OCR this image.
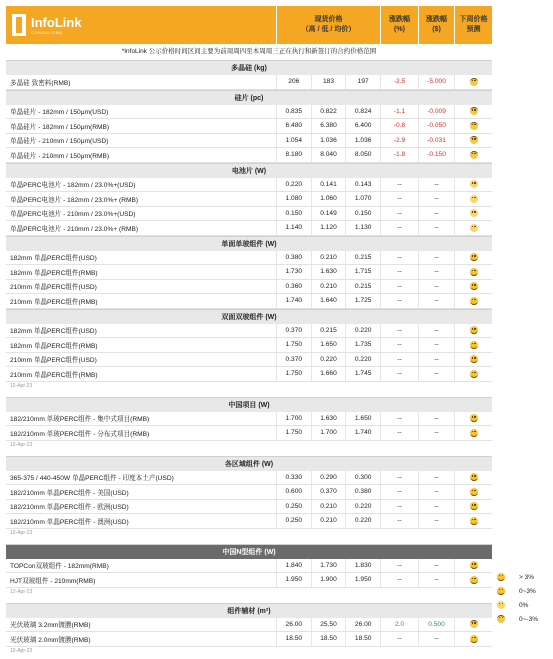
InfoLink
CONSULTING
现货价格
（高 / 低 / 均价）
涨跌幅
(%)
涨跌幅
($)
下周价格
预测
*InfoLink 公示价格时间区间主要为前周周四至本周周三正在执行和新签订的合约价格范围
多晶硅 (kg)
多晶硅 致密料(RMB)	206	183	197	-2.5	-5.000
硅片 (pc)
单晶硅片 - 182mm / 150μm(USD)	0.835	0.822	0.824	-1.1	-0.009
单晶硅片 - 182mm / 150μm(RMB)	6.480	6.380	6.400	-0.8	-0.050
单晶硅片 - 210mm / 150μm(USD)	1.054	1.036	1.036	-2.9	-0.031
单晶硅片 - 210mm / 150μm(RMB)	8.180	8.040	8.050	-1.8	-0.150
电池片 (W)
单晶PERC电池片 - 182mm / 23.0%+(USD)	0.220	0.141	0.143	--	--
单晶PERC电池片 - 182mm / 23.0%+ (RMB)	1.080	1.060	1.070	--	--
单晶PERC电池片 - 210mm / 23.0%+(USD)	0.150	0.149	0.150	--	--
单晶PERC电池片 - 210mm / 23.0%+ (RMB)	1.140	1.120	1.130	--	--
单面单玻组件 (W)
182mm 单晶PERC组件(USD)	0.380	0.210	0.215	--	--
182mm 单晶PERC组件(RMB)	1.730	1.630	1.715	--	--
210mm 单晶PERC组件(USD)	0.360	0.210	0.215	--	--
210mm 单晶PERC组件(RMB)	1.740	1.640	1.725	--	--
双面双玻组件 (W)
182mm 单晶PERC组件(USD)	0.370	0.215	0.220	--	--
182mm 单晶PERC组件(RMB)	1.750	1.650	1.735	--	--
210mm 单晶PERC组件(USD)	0.370	0.220	0.220	--	--
210mm 单晶PERC组件(RMB)	1.750	1.660	1.745	--	--
12-Apr-23
中国项目 (W)
182/210mm 单玻PERC组件 - 集中式项目(RMB)	1.700	1.630	1.650	--	--
182/210mm 单玻PERC组件 - 分布式项目(RMB)	1.750	1.700	1.740	--	--
12-Apr-23
各区域组件 (W)
365-375 / 440-450W 单晶PERC组件 - 印度本土产(USD)	0.330	0.290	0.300	--	--
182/210mm 单晶PERC组件 - 美国(USD)	0.600	0.370	0.380	--	--
182/210mm 单晶PERC组件 - 欧洲(USD)	0.250	0.210	0.220	--	--
182/210mm 单晶PERC组件 - 澳洲(USD)	0.250	0.210	0.220	--	--
12-Apr-23
中国N型组件 (W)
TOPCon双玻组件 - 182mm(RMB)	1.840	1.730	1.830	--	--
HJT双玻组件 - 210mm(RMB)	1.950	1.900	1.950	--	--
12-Apr-23
组件辅材 (m²)
光伏玻璃 3.2mm镀膜(RMB)	26.00	25.50	26.00	2.0	0.500
光伏玻璃 2.0mm镀膜(RMB)	18.50	18.50	18.50	--	--
12-Apr-23
> 3%
0~3%
0%
0~-3%
